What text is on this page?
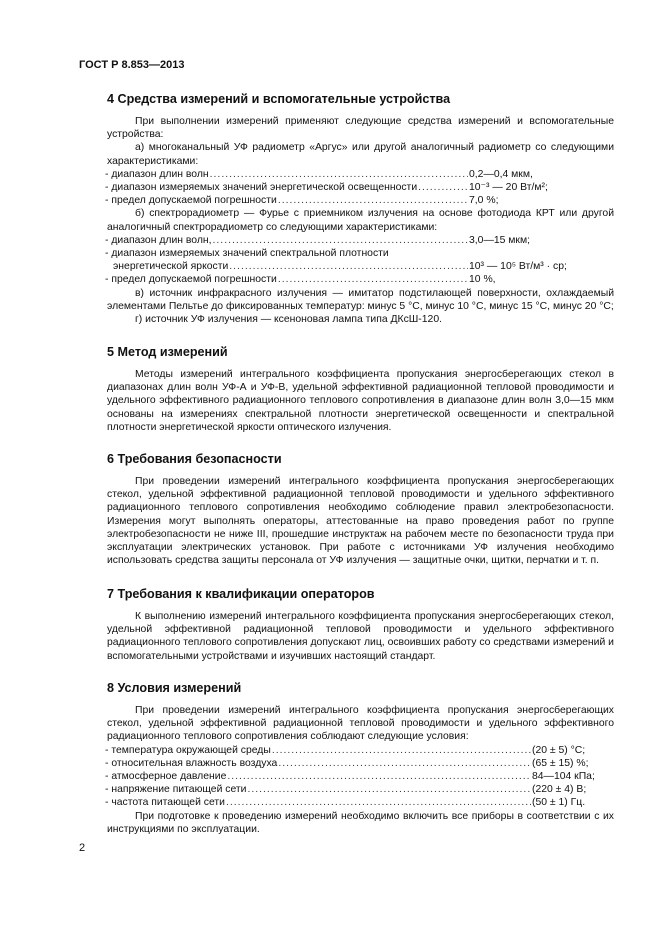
ГОСТ Р 8.853—2013
4 Средства измерений и вспомогательные устройства
При выполнении измерений применяют следующие средства измерений и вспомогательные устройства:
а) многоканальный УФ радиометр «Аргус» или другой аналогичный радиометр со следующими характеристиками:
- диапазон длин волн .....	0,2—0,4 мкм,
- диапазон измеряемых значений энергетической освещенности .....	10⁻³ — 20 Вт/м²;
- предел допускаемой погрешности .....	7,0 %;
б) спектрорадиометр — Фурье с приемником излучения на основе фотодиода КРТ или другой аналогичный спектрорадиометр со следующими характеристиками:
- диапазон длин волн, .....	3,0—15 мкм;
- диапазон измеряемых значений спектральной плотности
энергетической яркости .....	10³ — 10⁵ Вт/м³ · ср;
- предел допускаемой погрешности .....	10 %,
в) источник инфракрасного излучения — имитатор подстилающей поверхности, охлаждаемый элементами Пельтье до фиксированных температур: минус 5 °С, минус 10 °С, минус 15 °С, минус 20 °С;
г) источник УФ излучения — ксеноновая лампа типа ДКсШ-120.
5 Метод измерений
Методы измерений интегрального коэффициента пропускания энергосберегающих стекол в диапазонах длин волн УФ-А и УФ-В, удельной эффективной радиационной тепловой проводимости и удельного эффективного радиационного теплового сопротивления в диапазоне длин волн 3,0—15 мкм основаны на измерениях спектральной плотности энергетической освещенности и спектральной плотности энергетической яркости оптического излучения.
6 Требования безопасности
При проведении измерений интегрального коэффициента пропускания энергосберегающих стекол, удельной эффективной радиационной тепловой проводимости и удельного эффективного радиационного теплового сопротивления необходимо соблюдение правил электробезопасности. Измерения могут выполнять операторы, аттестованные на право проведения работ по группе электробезопасности не ниже III, прошедшие инструктаж на рабочем месте по безопасности труда при эксплуатации электрических установок. При работе с источниками УФ излучения необходимо использовать средства защиты персонала от УФ излучения — защитные очки, щитки, перчатки и т. п.
7 Требования к квалификации операторов
К выполнению измерений интегрального коэффициента пропускания энергосберегающих стекол, удельной эффективной радиационной тепловой проводимости и удельного эффективного радиационного теплового сопротивления допускают лиц, освоивших работу со средствами измерений и вспомогательными устройствами и изучивших настоящий стандарт.
8 Условия измерений
При проведении измерений интегрального коэффициента пропускания энергосберегающих стекол, удельной эффективной радиационной тепловой проводимости и удельного эффективного радиационного теплового сопротивления соблюдают следующие условия:
- температура окружающей среды .....	(20 ± 5) °С;
- относительная влажность воздуха .....	(65 ± 15) %;
- атмосферное давление .....	84—104 кПа;
- напряжение питающей сети .....	(220 ± 4) В;
- частота питающей сети .....	(50 ± 1) Гц.
При подготовке к проведению измерений необходимо включить все приборы в соответствии с их инструкциями по эксплуатации.
2
